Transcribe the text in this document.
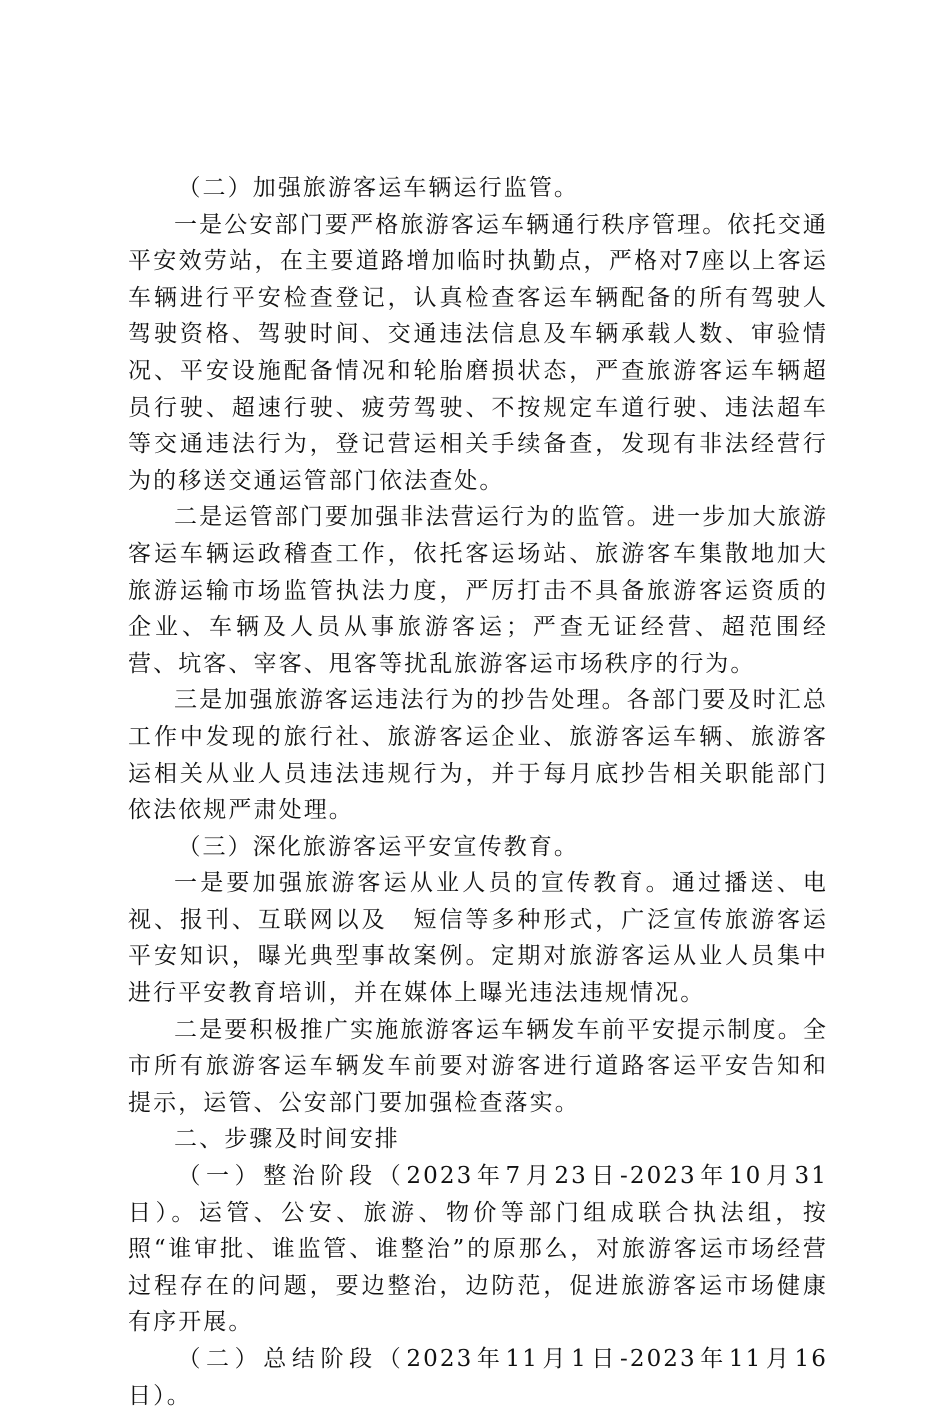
（二）加强旅游客运车辆运行监管。

一是公安部门要严格旅游客运车辆通行秩序管理。依托交通平安效劳站，在主要道路增加临时执勤点，严格对7座以上客运车辆进行平安检查登记，认真检查客运车辆配备的所有驾驶人驾驶资格、驾驶时间、交通违法信息及车辆承载人数、审验情况、平安设施配备情况和轮胎磨损状态，严查旅游客运车辆超员行驶、超速行驶、疲劳驾驶、不按规定车道行驶、违法超车等交通违法行为，登记营运相关手续备查，发现有非法经营行为的移送交通运管部门依法查处。

二是运管部门要加强非法营运行为的监管。进一步加大旅游客运车辆运政稽查工作，依托客运场站、旅游客车集散地加大旅游运输市场监管执法力度，严厉打击不具备旅游客运资质的企业、车辆及人员从事旅游客运；严查无证经营、超范围经营、坑客、宰客、甩客等扰乱旅游客运市场秩序的行为。

三是加强旅游客运违法行为的抄告处理。各部门要及时汇总工作中发现的旅行社、旅游客运企业、旅游客运车辆、旅游客运相关从业人员违法违规行为，并于每月底抄告相关职能部门依法依规严肃处理。

（三）深化旅游客运平安宣传教育。

一是要加强旅游客运从业人员的宣传教育。通过播送、电视、报刊、互联网以及　短信等多种形式，广泛宣传旅游客运平安知识，曝光典型事故案例。定期对旅游客运从业人员集中进行平安教育培训，并在媒体上曝光违法违规情况。

二是要积极推广实施旅游客运车辆发车前平安提示制度。全市所有旅游客运车辆发车前要对游客进行道路客运平安告知和提示，运管、公安部门要加强检查落实。

二、步骤及时间安排

（一）整治阶段（2023年7月23日-2023年10月31日）。运管、公安、旅游、物价等部门组成联合执法组，按照“谁审批、谁监管、谁整治”的原那么，对旅游客运市场经营过程存在的问题，要边整治，边防范，促进旅游客运市场健康有序开展。

（二）总结阶段（2023年11月1日-2023年11月16日）。
